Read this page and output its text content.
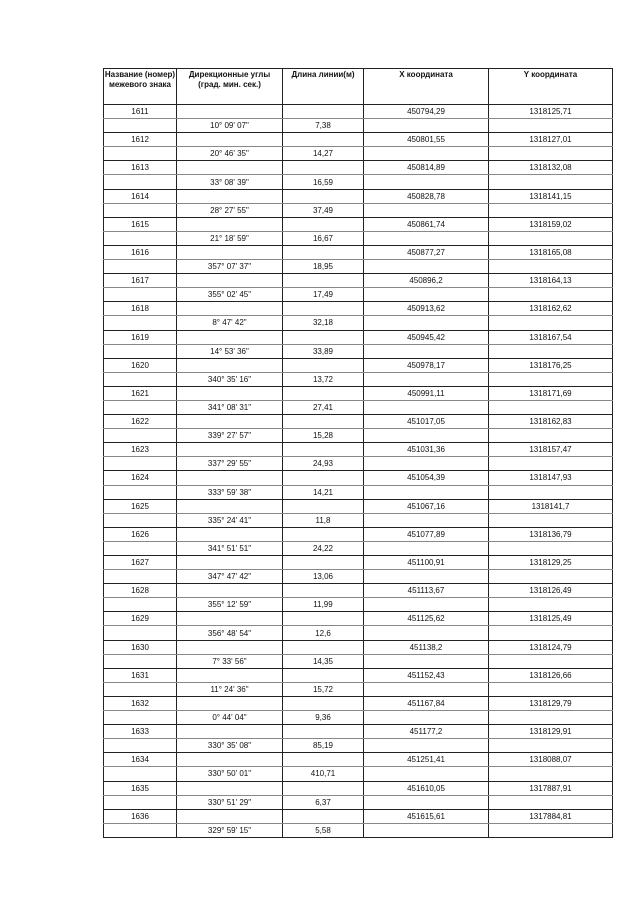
Название (номер) межевого знака	Дирекционные углы (град. мин. сек.)	Длина линии(м)	X координата	Y координата
1611			450794,29	1318125,71
	10° 09' 07"	7,38		
1612			450801,55	1318127,01
	20° 46' 35"	14,27		
1613			450814,89	1318132,08
	33° 08' 39"	16,59		
1614			450828,78	1318141,15
	28° 27' 55"	37,49		
1615			450861,74	1318159,02
	21° 18' 59"	16,67		
1616			450877,27	1318165,08
	357° 07' 37"	18,95		
1617			450896,2	1318164,13
	355° 02' 45"	17,49		
1618			450913,62	1318162,62
	8° 47' 42"	32,18		
1619			450945,42	1318167,54
	14° 53' 36"	33,89		
1620			450978,17	1318176,25
	340° 35' 16"	13,72		
1621			450991,11	1318171,69
	341° 08' 31"	27,41		
1622			451017,05	1318162,83
	339° 27' 57"	15,28		
1623			451031,36	1318157,47
	337° 29' 55"	24,93		
1624			451054,39	1318147,93
	333° 59' 38"	14,21		
1625			451067,16	1318141,7
	335° 24' 41"	11,8		
1626			451077,89	1318136,79
	341° 51' 51"	24,22		
1627			451100,91	1318129,25
	347° 47' 42"	13,06		
1628			451113,67	1318126,49
	355° 12' 59"	11,99		
1629			451125,62	1318125,49
	356° 48' 54"	12,6		
1630			451138,2	1318124,79
	7° 33' 56"	14,35		
1631			451152,43	1318126,66
	11° 24' 36"	15,72		
1632			451167,84	1318129,79
	0° 44' 04"	9,36		
1633			451177,2	1318129,91
	330° 35' 08"	85,19		
1634			451251,41	1318088,07
	330° 50' 01"	410,71		
1635			451610,05	1317887,91
	330° 51' 29"	6,37		
1636			451615,61	1317884,81
	329° 59' 15"	5,58		
